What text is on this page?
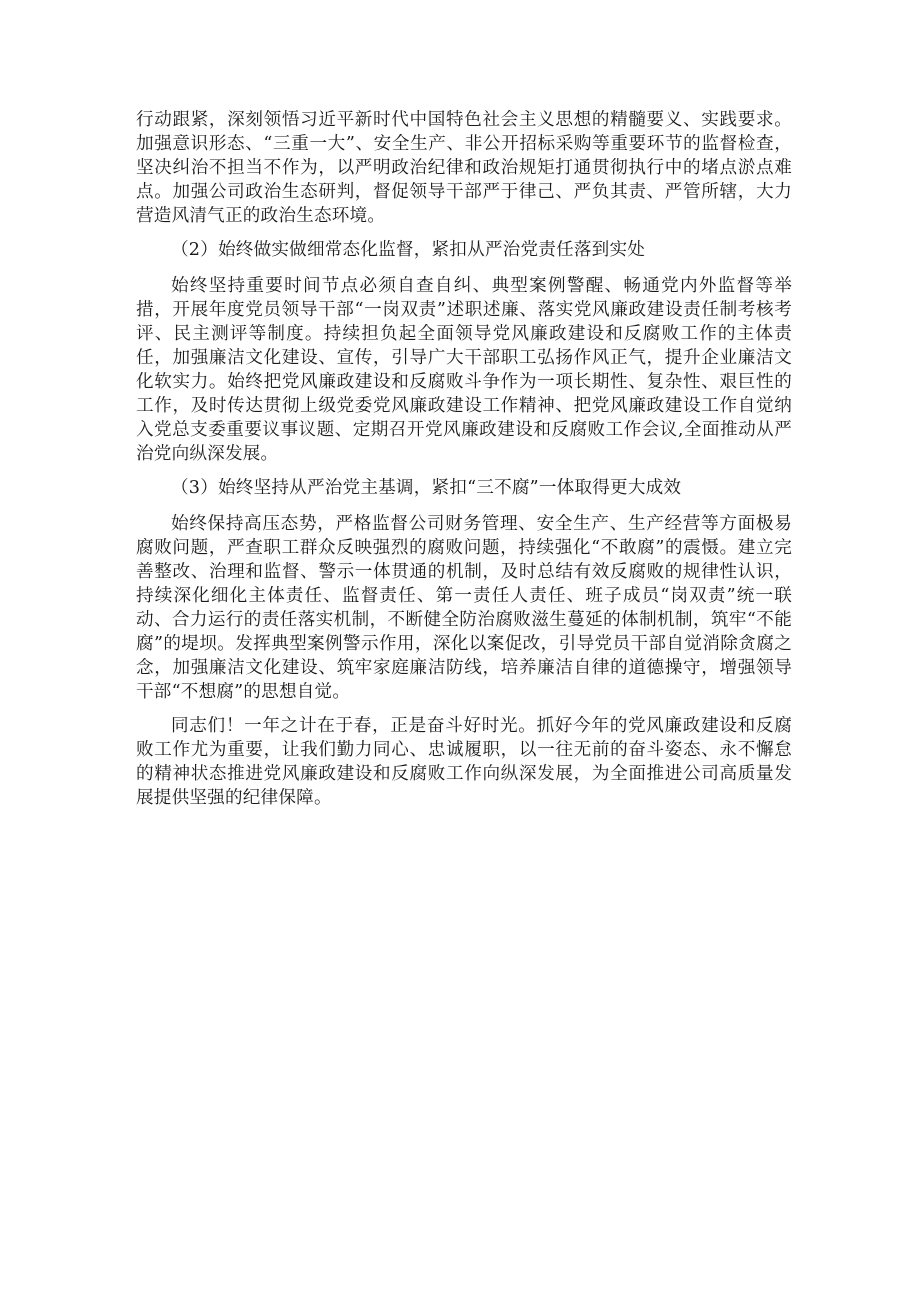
行动跟紧，深刻领悟习近平新时代中国特色社会主义思想的精髓要义、实践要求。加强意识形态、“三重一大”、安全生产、非公开招标采购等重要环节的监督检查，坚决纠治不担当不作为，以严明政治纪律和政治规矩打通贯彻执行中的堵点淤点难点。加强公司政治生态研判，督促领导干部严于律己、严负其责、严管所辖，大力营造风清气正的政治生态环境。

（2）始终做实做细常态化监督，紧扣从严治党责任落到实处

始终坚持重要时间节点必须自查自纠、典型案例警醒、畅通党内外监督等举措，开展年度党员领导干部“一岗双责”述职述廉、落实党风廉政建设责任制考核考评、民主测评等制度。持续担负起全面领导党风廉政建设和反腐败工作的主体责任，加强廉洁文化建设、宣传，引导广大干部职工弘扬作风正气，提升企业廉洁文化软实力。始终把党风廉政建设和反腐败斗争作为一项长期性、复杂性、艰巨性的工作，及时传达贯彻上级党委党风廉政建设工作精神、把党风廉政建设工作自觉纳入党总支委重要议事议题、定期召开党风廉政建设和反腐败工作会议,全面推动从严治党向纵深发展。

（3）始终坚持从严治党主基调，紧扣“三不腐”一体取得更大成效

始终保持高压态势，严格监督公司财务管理、安全生产、生产经营等方面极易腐败问题，严查职工群众反映强烈的腐败问题，持续强化“不敢腐”的震慑。建立完善整改、治理和监督、警示一体贯通的机制，及时总结有效反腐败的规律性认识，持续深化细化主体责任、监督责任、第一责任人责任、班子成员“岗双责”统一联动、合力运行的责任落实机制，不断健全防治腐败滋生蔓延的体制机制，筑牢“不能腐”的堤坝。发挥典型案例警示作用，深化以案促改，引导党员干部自觉消除贪腐之念，加强廉洁文化建设、筑牢家庭廉洁防线，培养廉洁自律的道德操守，增强领导干部“不想腐”的思想自觉。

同志们！一年之计在于春，正是奋斗好时光。抓好今年的党风廉政建设和反腐败工作尤为重要，让我们勤力同心、忠诚履职，以一往无前的奋斗姿态、永不懈怠的精神状态推进党风廉政建设和反腐败工作向纵深发展，为全面推进公司高质量发展提供坚强的纪律保障。
